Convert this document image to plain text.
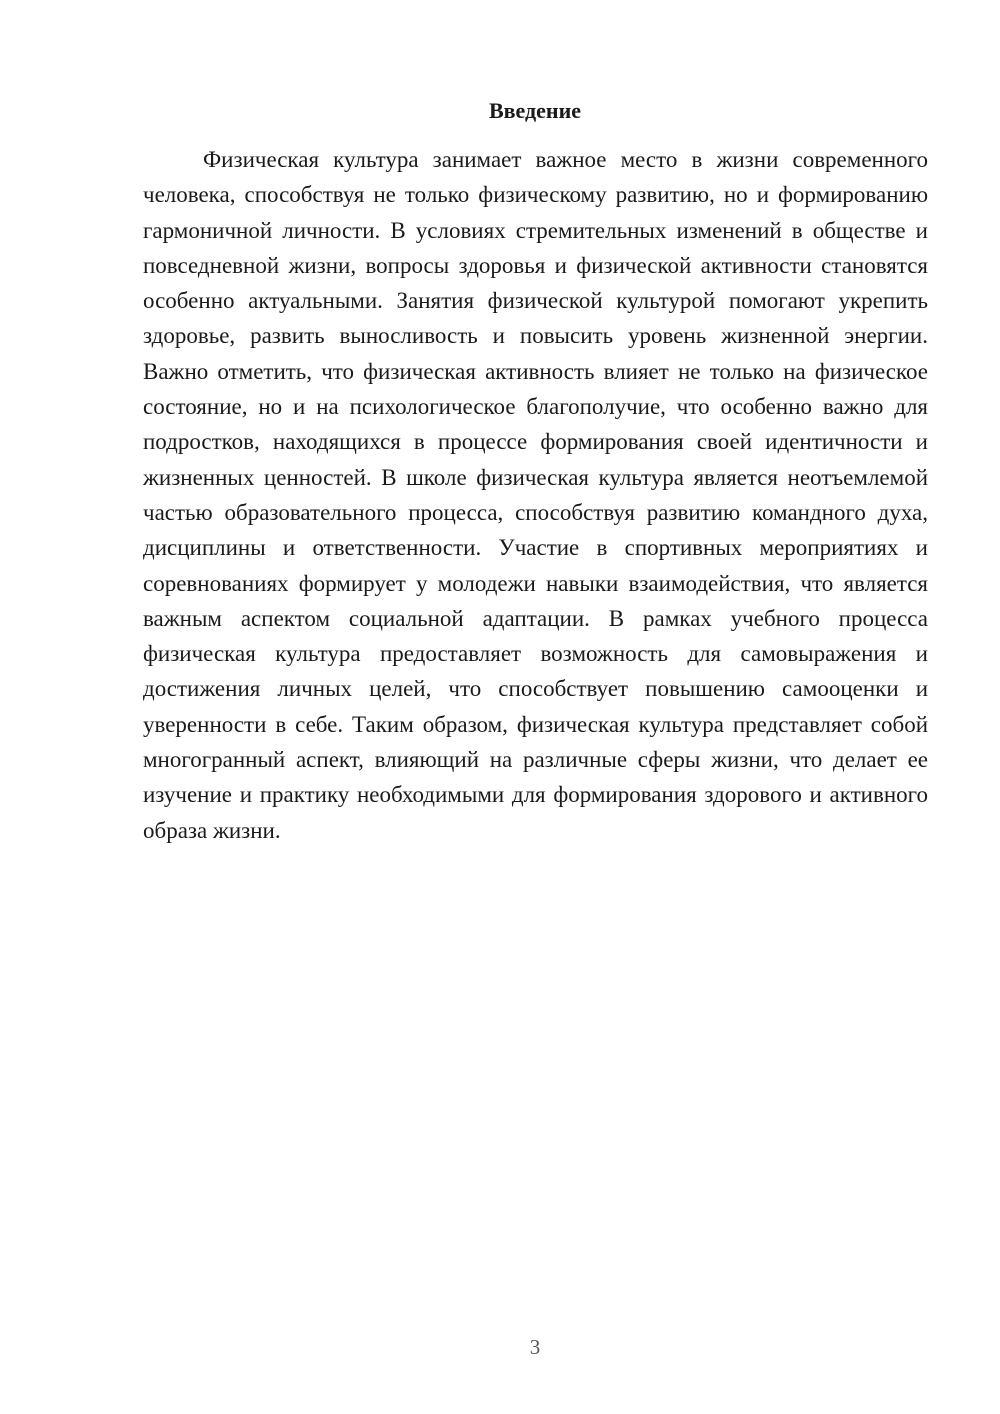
Введение

Физическая культура занимает важное место в жизни современного человека, способствуя не только физическому развитию, но и формированию гармоничной личности. В условиях стремительных изменений в обществе и повседневной жизни, вопросы здоровья и физической активности становятся особенно актуальными. Занятия физической культурой помогают укрепить здоровье, развить выносливость и повысить уровень жизненной энергии. Важно отметить, что физическая активность влияет не только на физическое состояние, но и на психологическое благополучие, что особенно важно для подростков, находящихся в процессе формирования своей идентичности и жизненных ценностей. В школе физическая культура является неотъемлемой частью образовательного процесса, способствуя развитию командного духа, дисциплины и ответственности. Участие в спортивных мероприятиях и соревнованиях формирует у молодежи навыки взаимодействия, что является важным аспектом социальной адаптации. В рамках учебного процесса физическая культура предоставляет возможность для самовыражения и достижения личных целей, что способствует повышению самооценки и уверенности в себе. Таким образом, физическая культура представляет собой многогранный аспект, влияющий на различные сферы жизни, что делает ее изучение и практику необходимыми для формирования здорового и активного образа жизни.

3
